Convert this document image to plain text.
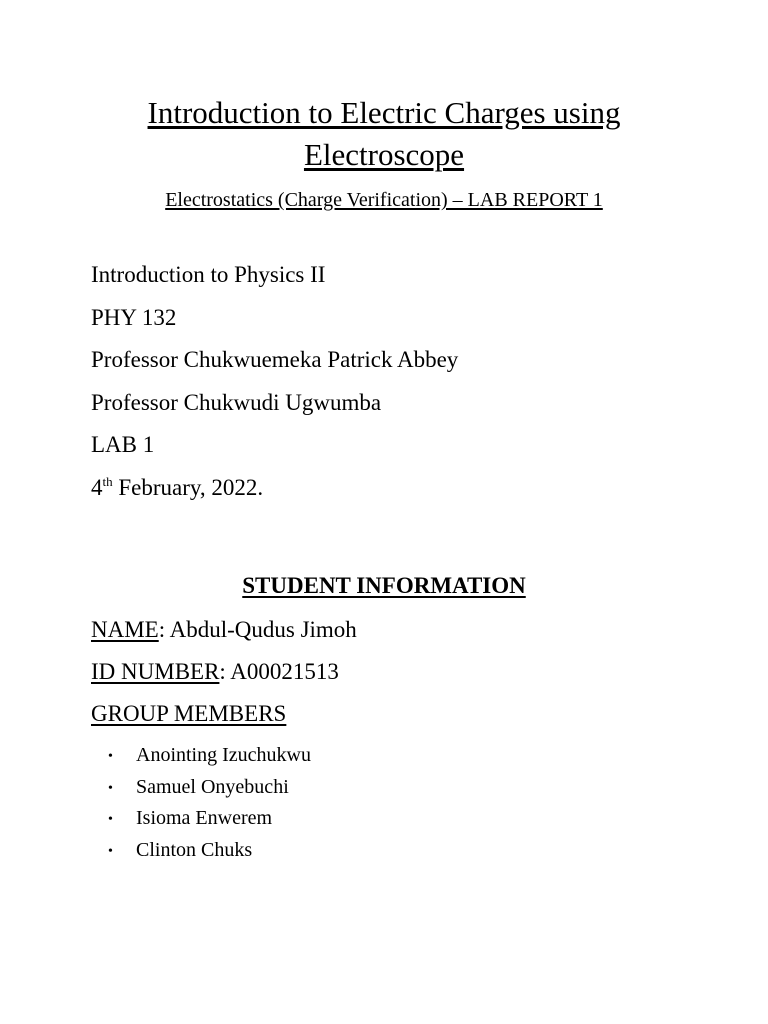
Introduction to Electric Charges using
Electroscope
Electrostatics (Charge Verification) – LAB REPORT 1
Introduction to Physics II
PHY 132
Professor Chukwuemeka Patrick Abbey
Professor Chukwudi Ugwumba
LAB 1
4th February, 2022.
STUDENT INFORMATION
NAME: Abdul-Qudus Jimoh
ID NUMBER: A00021513
GROUP MEMBERS
• Anointing Izuchukwu
• Samuel Onyebuchi
• Isioma Enwerem
• Clinton Chuks
